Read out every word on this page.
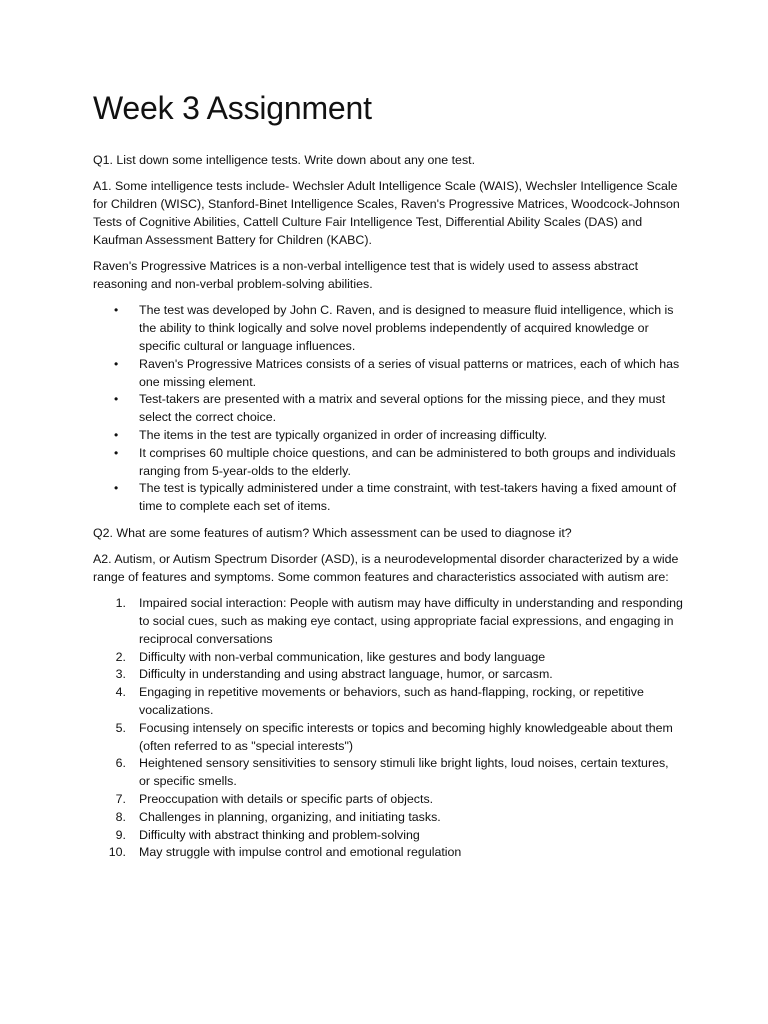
Week 3 Assignment

Q1. List down some intelligence tests. Write down about any one test.

A1. Some intelligence tests include- Wechsler Adult Intelligence Scale (WAIS), Wechsler Intelligence Scale for Children (WISC), Stanford-Binet Intelligence Scales, Raven's Progressive Matrices, Woodcock-Johnson Tests of Cognitive Abilities, Cattell Culture Fair Intelligence Test, Differential Ability Scales (DAS) and Kaufman Assessment Battery for Children (KABC).

Raven's Progressive Matrices is a non-verbal intelligence test that is widely used to assess abstract reasoning and non-verbal problem-solving abilities.

• The test was developed by John C. Raven, and is designed to measure fluid intelligence, which is the ability to think logically and solve novel problems independently of acquired knowledge or specific cultural or language influences.
• Raven's Progressive Matrices consists of a series of visual patterns or matrices, each of which has one missing element.
• Test-takers are presented with a matrix and several options for the missing piece, and they must select the correct choice.
• The items in the test are typically organized in order of increasing difficulty.
• It comprises 60 multiple choice questions, and can be administered to both groups and individuals ranging from 5-year-olds to the elderly.
• The test is typically administered under a time constraint, with test-takers having a fixed amount of time to complete each set of items.

Q2. What are some features of autism? Which assessment can be used to diagnose it?

A2. Autism, or Autism Spectrum Disorder (ASD), is a neurodevelopmental disorder characterized by a wide range of features and symptoms. Some common features and characteristics associated with autism are:

1. Impaired social interaction: People with autism may have difficulty in understanding and responding to social cues, such as making eye contact, using appropriate facial expressions, and engaging in reciprocal conversations
2. Difficulty with non-verbal communication, like gestures and body language
3. Difficulty in understanding and using abstract language, humor, or sarcasm.
4. Engaging in repetitive movements or behaviors, such as hand-flapping, rocking, or repetitive vocalizations.
5. Focusing intensely on specific interests or topics and becoming highly knowledgeable about them (often referred to as "special interests")
6. Heightened sensory sensitivities to sensory stimuli like bright lights, loud noises, certain textures, or specific smells.
7. Preoccupation with details or specific parts of objects.
8. Challenges in planning, organizing, and initiating tasks.
9. Difficulty with abstract thinking and problem-solving
10. May struggle with impulse control and emotional regulation
